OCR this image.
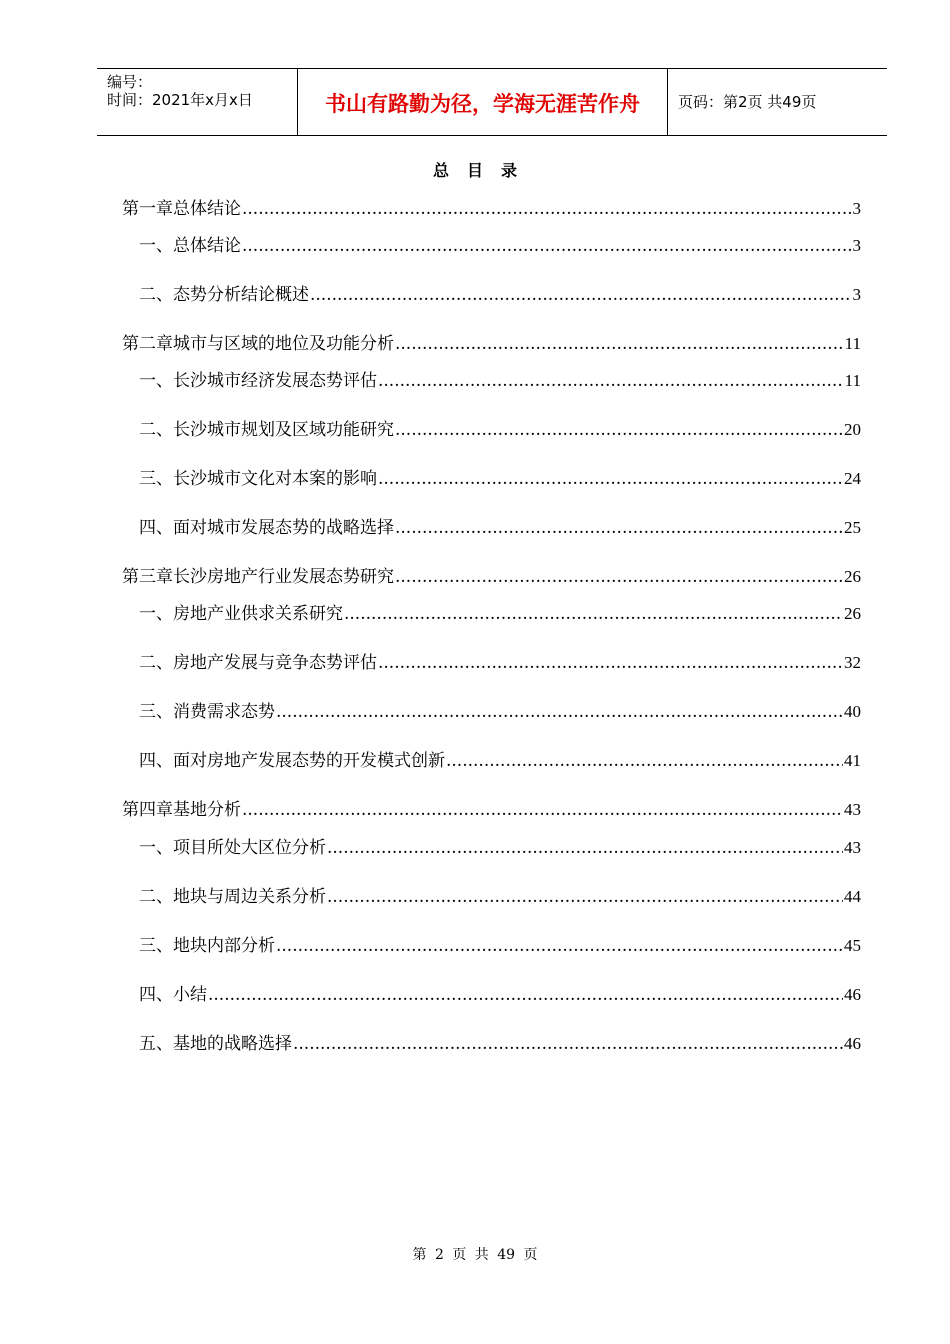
编号：
时间：2021年x月x日	书山有路勤为径，学海无涯苦作舟	页码：第2页 共49页
总目录
第一章 总体结论 .....	3
一、 总体结论 .....	3
二、 态势分析结论概述 .....	3
第二章 城市与区域的地位及功能分析 .....	11
一、 长沙城市经济发展态势评估 .....	11
二、 长沙城市规划及区域功能研究 .....	20
三、 长沙城市文化对本案的影响 .....	24
四、 面对城市发展态势的战略选择 .....	25
第三章 长沙房地产行业发展态势研究 .....	26
一、 房地产业供求关系研究 .....	26
二、 房地产发展与竞争态势评估 .....	32
三、 消费需求态势 .....	40
四、 面对房地产发展态势的开发模式创新 .....	41
第四章 基地分析 .....	43
一、 项目所处大区位分析 .....	43
二、 地块与周边关系分析 .....	44
三、 地块内部分析 .....	45
四、 小结 .....	46
五、 基地的战略选择 .....	46
第 2 页 共 49 页
